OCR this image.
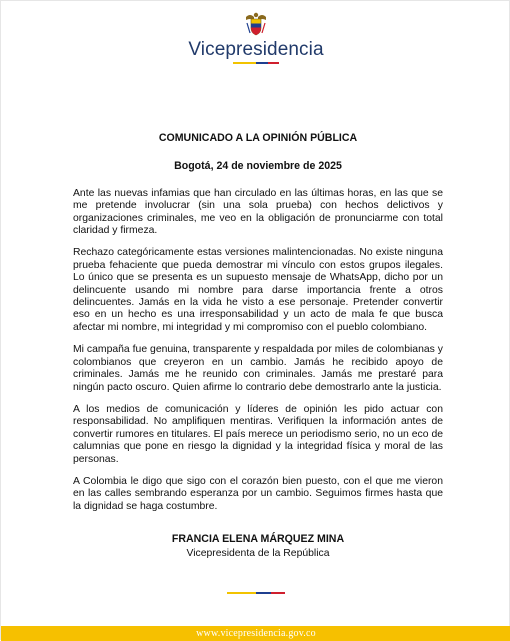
Vicepresidencia
COMUNICADO A LA OPINIÓN PÚBLICA
Bogotá, 24 de noviembre de 2025

Ante las nuevas infamias que han circulado en las últimas horas, en las que se me pretende involucrar (sin una sola prueba) con hechos delictivos y organizaciones criminales, me veo en la obligación de pronunciarme con total claridad y firmeza.

Rechazo categóricamente estas versiones malintencionadas. No existe ninguna prueba fehaciente que pueda demostrar mi vínculo con estos grupos ilegales. Lo único que se presenta es un supuesto mensaje de WhatsApp, dicho por un delincuente usando mi nombre para darse importancia frente a otros delincuentes. Jamás en la vida he visto a ese personaje. Pretender convertir eso en un hecho es una irresponsabilidad y un acto de mala fe que busca afectar mi nombre, mi integridad y mi compromiso con el pueblo colombiano.

Mi campaña fue genuina, transparente y respaldada por miles de colombianas y colombianos que creyeron en un cambio. Jamás he recibido apoyo de criminales. Jamás me he reunido con criminales. Jamás me prestaré para ningún pacto oscuro. Quien afirme lo contrario debe demostrarlo ante la justicia.

A los medios de comunicación y líderes de opinión les pido actuar con responsabilidad. No amplifiquen mentiras. Verifiquen la información antes de convertir rumores en titulares. El país merece un periodismo serio, no un eco de calumnias que pone en riesgo la dignidad y la integridad física y moral de las personas.

A Colombia le digo que sigo con el corazón bien puesto, con el que me vieron en las calles sembrando esperanza por un cambio. Seguimos firmes hasta que la dignidad se haga costumbre.

FRANCIA ELENA MÁRQUEZ MINA
Vicepresidenta de la República
www.vicepresidencia.gov.co
